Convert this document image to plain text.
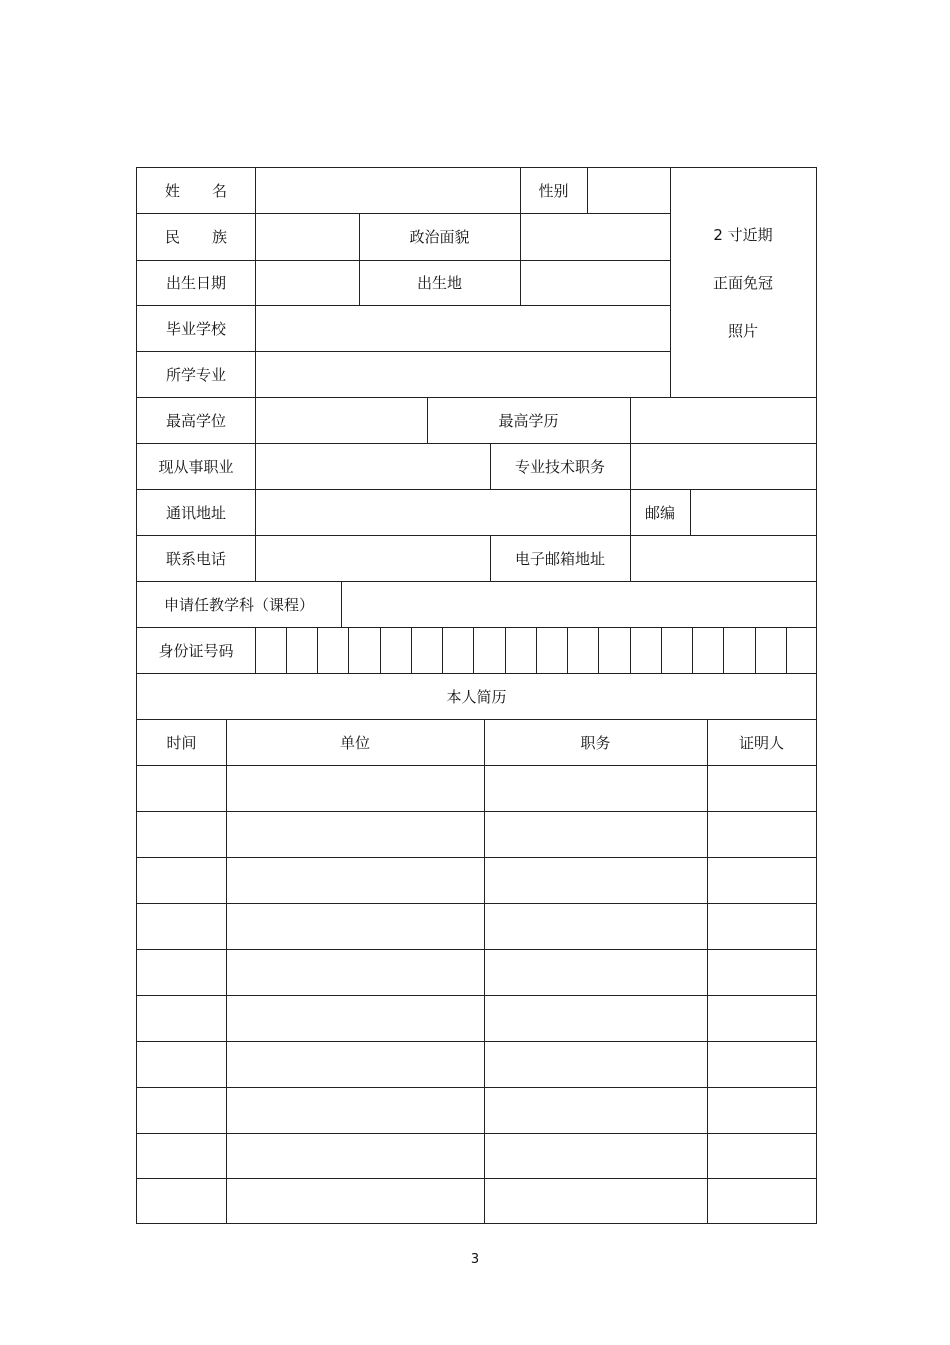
姓 名	性别
2 寸近期
正面免冠
照片
民 族	政治面貌
出生日期	出生地
毕业学校
所学专业
最高学位	最高学历
现从事职业	专业技术职务
通讯地址	邮编
联系电话	电子邮箱地址
申请任教学科（课程）
身份证号码
本人简历
时间	单位	职务	证明人
3
